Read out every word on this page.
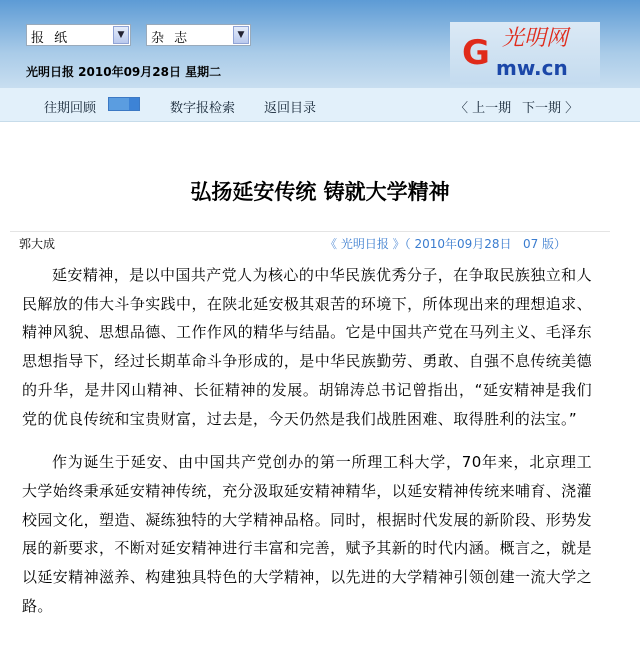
报 纸	▼	杂 志	▼
光明日报 2010年09月28日 星期二	G 光明网
mw.cn
往期回顾	数字报检索 返回目录	〈 上一期 下一期 〉
弘扬延安传统 铸就大学精神
郭大成	《 光明日报 》（ 2010年09月28日   07 版）

延安精神，是以中国共产党人为核心的中华民族优秀分子，在争取民族独立和人民解放的伟大斗争实践中，在陕北延安极其艰苦的环境下，所体现出来的理想追求、精神风貌、思想品德、工作作风的精华与结晶。它是中国共产党在马列主义、毛泽东思想指导下，经过长期革命斗争形成的，是中华民族勤劳、勇敢、自强不息传统美德的升华，是井冈山精神、长征精神的发展。胡锦涛总书记曾指出，“延安精神是我们党的优良传统和宝贵财富，过去是，今天仍然是我们战胜困难、取得胜利的法宝。”

作为诞生于延安、由中国共产党创办的第一所理工科大学，70年来，北京理工大学始终秉承延安精神传统，充分汲取延安精神精华，以延安精神传统来哺育、浇灌校园文化，塑造、凝练独特的大学精神品格。同时，根据时代发展的新阶段、形势发展的新要求，不断对延安精神进行丰富和完善，赋予其新的时代内涵。概言之，就是以延安精神滋养、构建独具特色的大学精神，以先进的大学精神引领创建一流大学之路。
